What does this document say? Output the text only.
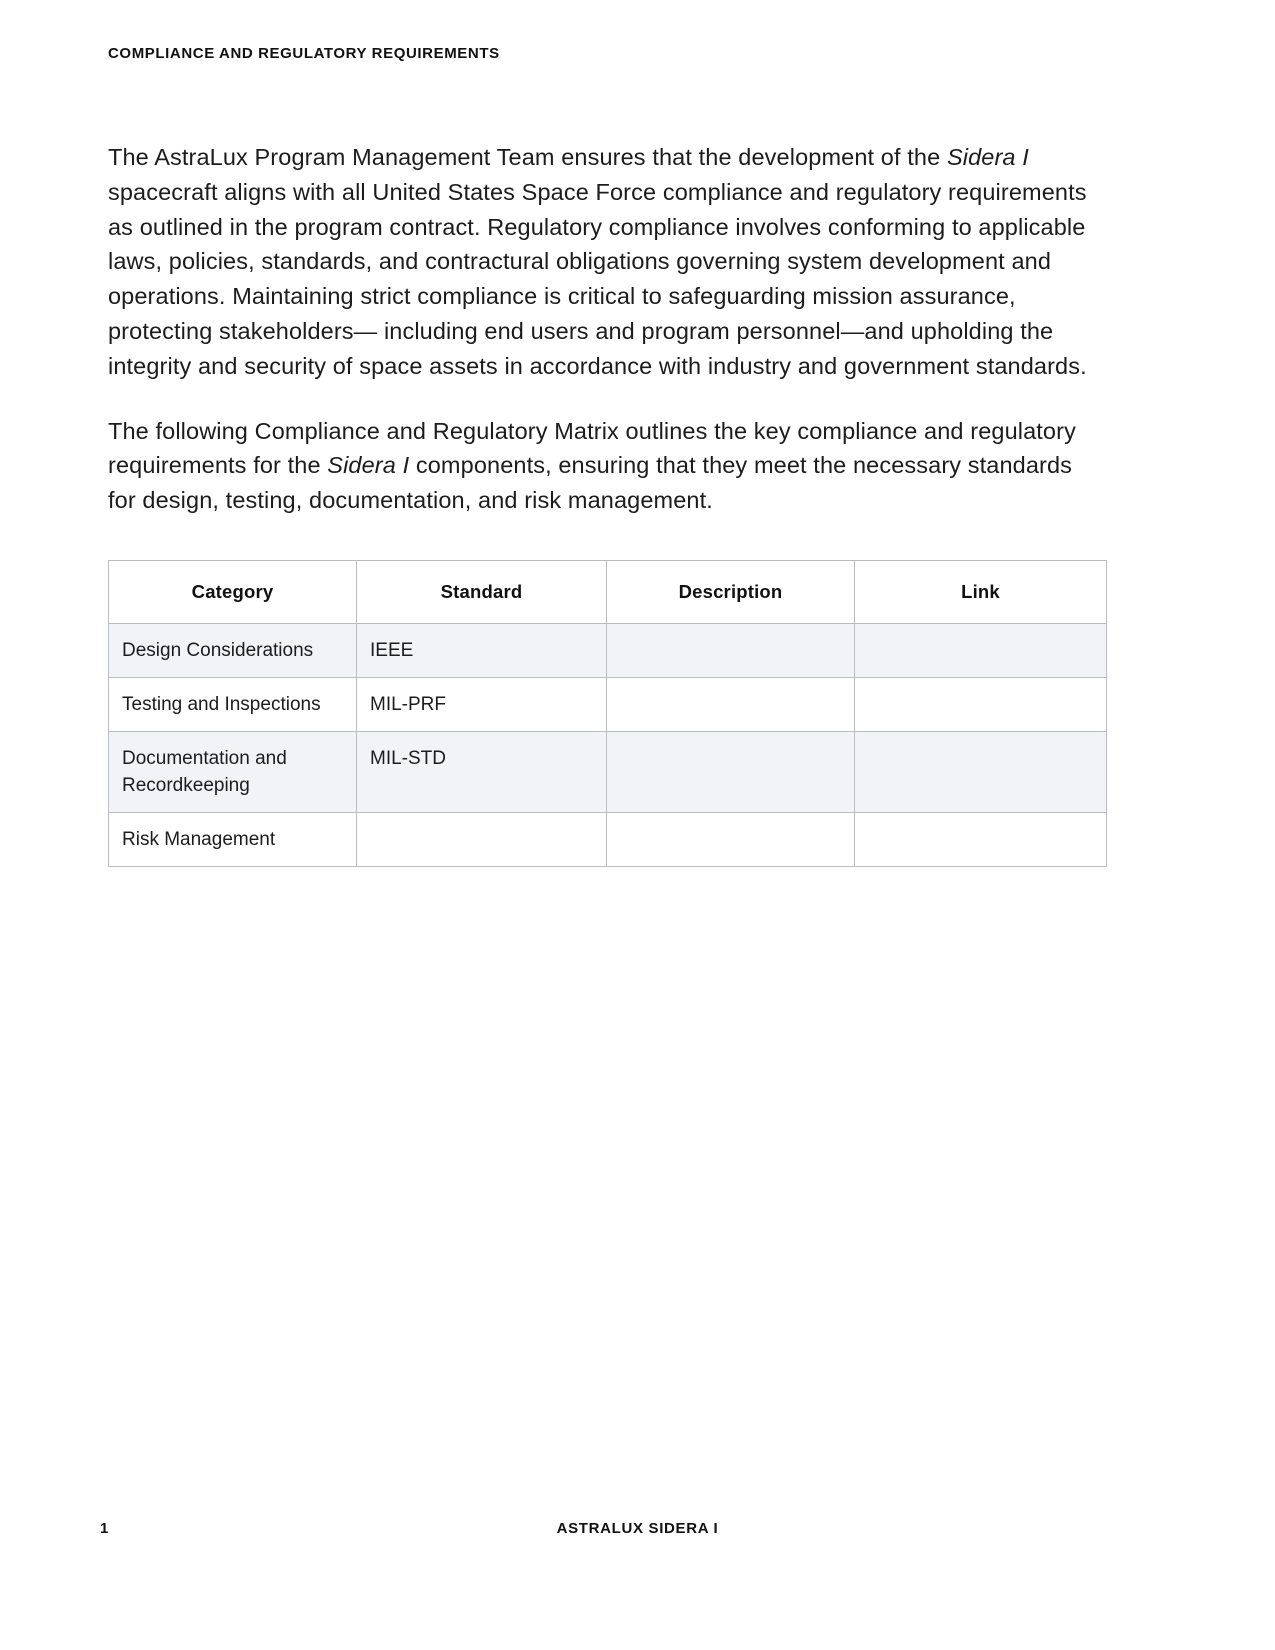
COMPLIANCE AND REGULATORY REQUIREMENTS

The AstraLux Program Management Team ensures that the development of the Sidera I spacecraft aligns with all United States Space Force compliance and regulatory requirements as outlined in the program contract. Regulatory compliance involves conforming to applicable laws, policies, standards, and contractural obligations governing system development and operations. Maintaining strict compliance is critical to safeguarding mission assurance, protecting stakeholders— including end users and program personnel—and upholding the integrity and security of space assets in accordance with industry and government standards.

The following Compliance and Regulatory Matrix outlines the key compliance and regulatory requirements for the Sidera I components, ensuring that they meet the necessary standards for design, testing, documentation, and risk management.

Category	Standard	Description	Link
Design Considerations	IEEE		
Testing and Inspections	MIL-PRF		
Documentation and Recordkeeping	MIL-STD		
Risk Management			
1	ASTRALUX SIDERA I
